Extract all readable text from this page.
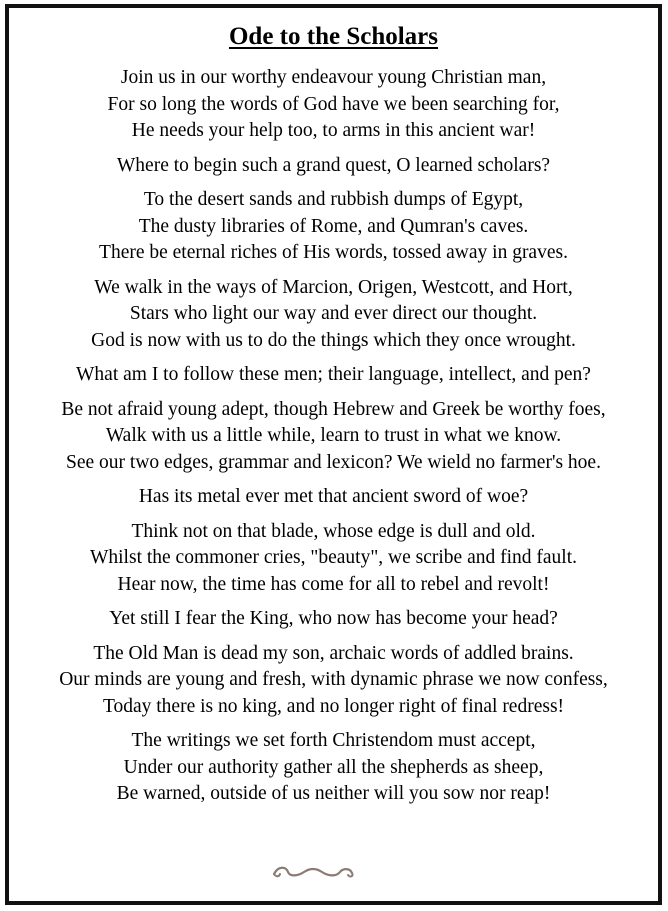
Ode to the Scholars
Join us in our worthy endeavour young Christian man,
For so long the words of God have we been searching for,
He needs your help too, to arms in this ancient war!
Where to begin such a grand quest, O learned scholars?
To the desert sands and rubbish dumps of Egypt,
The dusty libraries of Rome, and Qumran's caves.
There be eternal riches of His words, tossed away in graves.
We walk in the ways of Marcion, Origen, Westcott, and Hort,
Stars who light our way and ever direct our thought.
God is now with us to do the things which they once wrought.
What am I to follow these men; their language, intellect, and pen?
Be not afraid young adept, though Hebrew and Greek be worthy foes,
Walk with us a little while, learn to trust in what we know.
See our two edges, grammar and lexicon? We wield no farmer's hoe.
Has its metal ever met that ancient sword of woe?
Think not on that blade, whose edge is dull and old.
Whilst the commoner cries, "beauty", we scribe and find fault.
Hear now, the time has come for all to rebel and revolt!
Yet still I fear the King, who now has become your head?
The Old Man is dead my son, archaic words of addled brains.
Our minds are young and fresh, with dynamic phrase we now confess,
Today there is no king, and no longer right of final redress!
The writings we set forth Christendom must accept,
Under our authority gather all the shepherds as sheep,
Be warned, outside of us neither will you sow nor reap!
